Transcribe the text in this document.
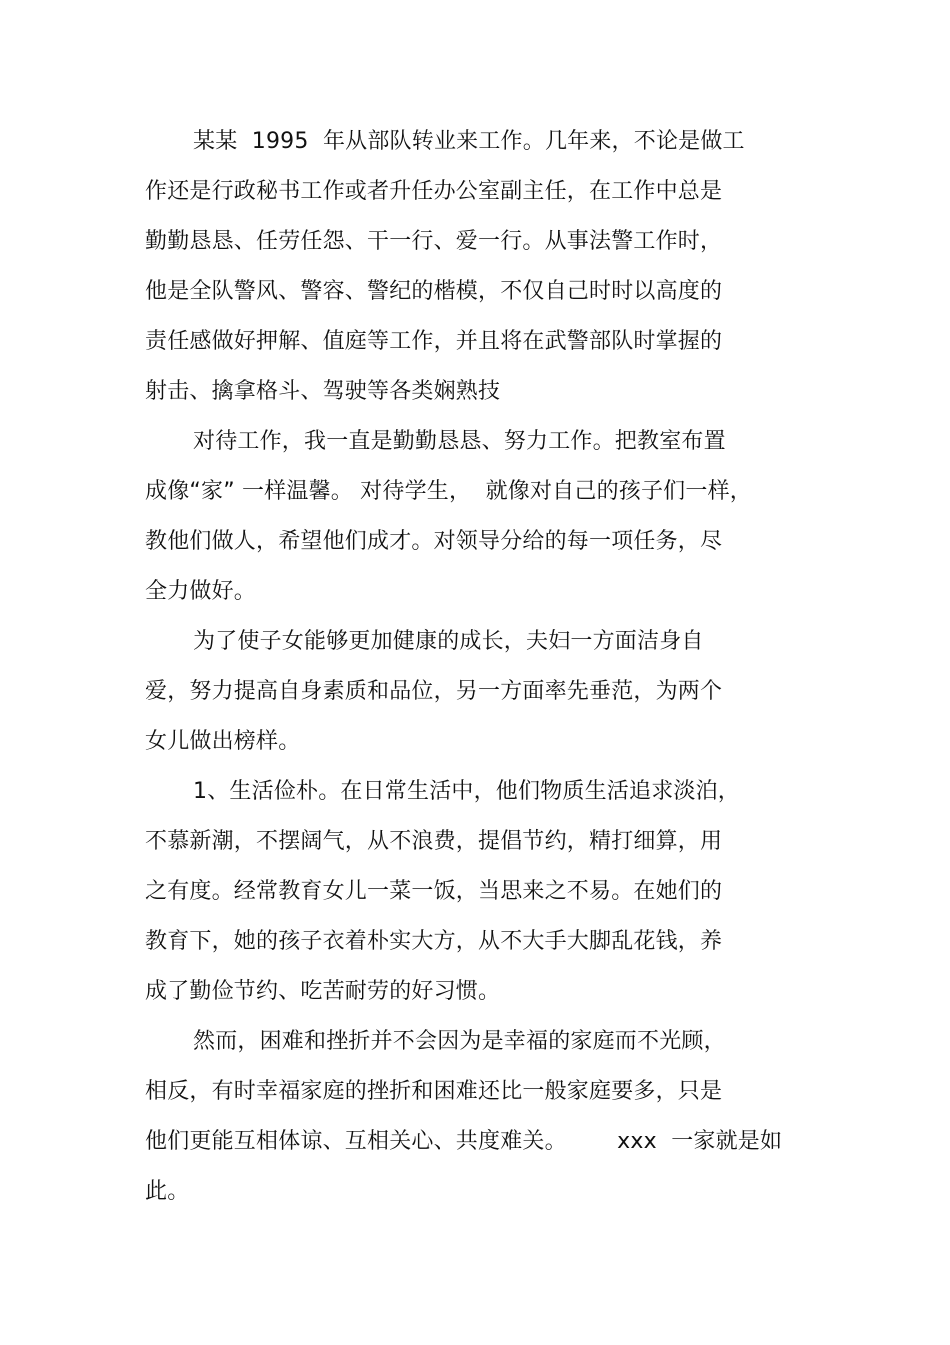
某某  1995  年从部队转业来工作。几年来，不论是做工
作还是行政秘书工作或者升任办公室副主任，在工作中总是
勤勤恳恳、任劳任怨、干一行、爱一行。从事法警工作时，
他是全队警风、警容、警纪的楷模，不仅自己时时以高度的
责任感做好押解、值庭等工作，并且将在武警部队时掌握的
射击、擒拿格斗、驾驶等各类娴熟技
对待工作，我一直是勤勤恳恳、努力工作。把教室布置
成像“家” 一样温馨。 对待学生，  就像对自己的孩子们一样，
教他们做人，希望他们成才。对领导分给的每一项任务，尽
全力做好。
为了使子女能够更加健康的成长，夫妇一方面洁身自
爱，努力提高自身素质和品位，另一方面率先垂范，为两个
女儿做出榜样。
1、生活俭朴。在日常生活中，他们物质生活追求淡泊，
不慕新潮，不摆阔气，从不浪费，提倡节约，精打细算，用
之有度。经常教育女儿一菜一饭，当思来之不易。在她们的
教育下，她的孩子衣着朴实大方，从不大手大脚乱花钱，养
成了勤俭节约、吃苦耐劳的好习惯。
然而，困难和挫折并不会因为是幸福的家庭而不光顾，
相反，有时幸福家庭的挫折和困难还比一般家庭要多，只是
他们更能互相体谅、互相关心、共度难关。       xxx  一家就是如
此。
